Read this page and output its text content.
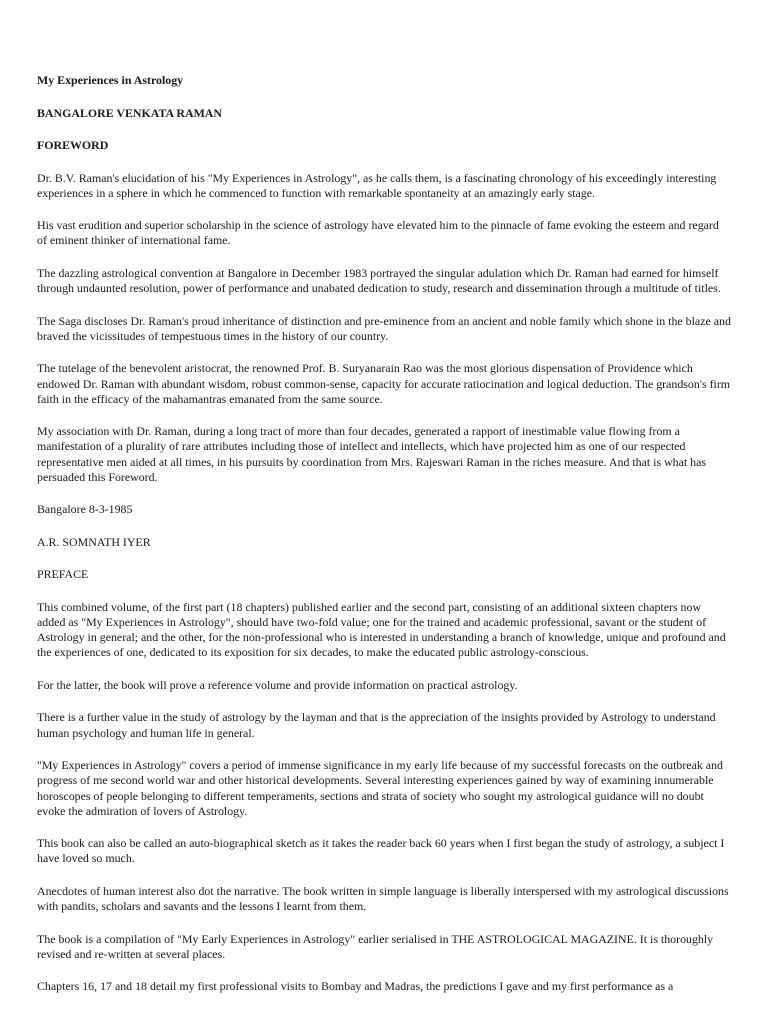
My Experiences in Astrology

BANGALORE VENKATA RAMAN

FOREWORD

Dr. B.V. Raman's elucidation of his "My Experiences in Astrology", as he calls them, is a fascinating chronology of his exceedingly interesting experiences in a sphere in which he commenced to function with remarkable spontaneity at an amazingly early stage.

His vast erudition and superior scholarship in the science of astrology have elevated him to the pinnacle of fame evoking the esteem and regard of eminent thinker of international fame.

The dazzling astrological convention at Bangalore in December 1983 portrayed the singular adulation which Dr. Raman had earned for himself through undaunted resolution, power of performance and unabated dedication to study, research and dissemination through a multitude of titles.

The Saga discloses Dr. Raman's proud inheritance of distinction and pre-eminence from an ancient and noble family which shone in the blaze and braved the vicissitudes of tempestuous times in the history of our country.

The tutelage of the benevolent aristocrat, the renowned Prof. B. Suryanarain Rao was the most glorious dispensation of Providence which endowed Dr. Raman with abundant wisdom, robust common-sense, capacity for accurate ratiocination and logical deduction. The grandson's firm faith in the efficacy of the mahamantras emanated from the same source.

My association with Dr. Raman, during a long tract of more than four decades, generated a rapport of inestimable value flowing from a manifestation of a plurality of rare attributes including those of intellect and intellects, which have projected him as one of our respected representative men aided at all times, in his pursuits by coordination from Mrs. Rajeswari Raman in the riches measure. And that is what has persuaded this Foreword.

Bangalore 8-3-1985

A.R. SOMNATH IYER

PREFACE

This combined volume, of the first part (18 chapters) published earlier and the second part, consisting of an additional sixteen chapters now added as "My Experiences in Astrology", should have two-fold value; one for the trained and academic professional, savant or the student of Astrology in general; and the other, for the non-professional who is interested in understanding a branch of knowledge, unique and profound and the experiences of one, dedicated to its exposition for six decades, to make the educated public astrology-conscious.

For the latter, the book will prove a reference volume and provide information on practical astrology.

There is a further value in the study of astrology by the layman and that is the appreciation of the insights provided by Astrology to understand human psychology and human life in general.

"My Experiences in Astrology" covers a period of immense significance in my early life because of my successful forecasts on the outbreak and progress of me second world war and other historical developments. Several interesting experiences gained by way of examining innumerable horoscopes of people belonging to different temperaments, sections and strata of society who sought my astrological guidance will no doubt evoke the admiration of lovers of Astrology.

This book can also be called an auto-biographical sketch as it takes the reader back 60 years when I first began the study of astrology, a subject I have loved so much.

Anecdotes of human interest also dot the narrative. The book written in simple language is liberally interspersed with my astrological discussions with pandits, scholars and savants and the lessons I learnt from them.

The book is a compilation of "My Early Experiences in Astrology" earlier serialised in THE ASTROLOGICAL MAGAZINE. It is thoroughly revised and re-written at several places.

Chapters 16, 17 and 18 detail my first professional visits to Bombay and Madras, the predictions I gave and my first performance as a
